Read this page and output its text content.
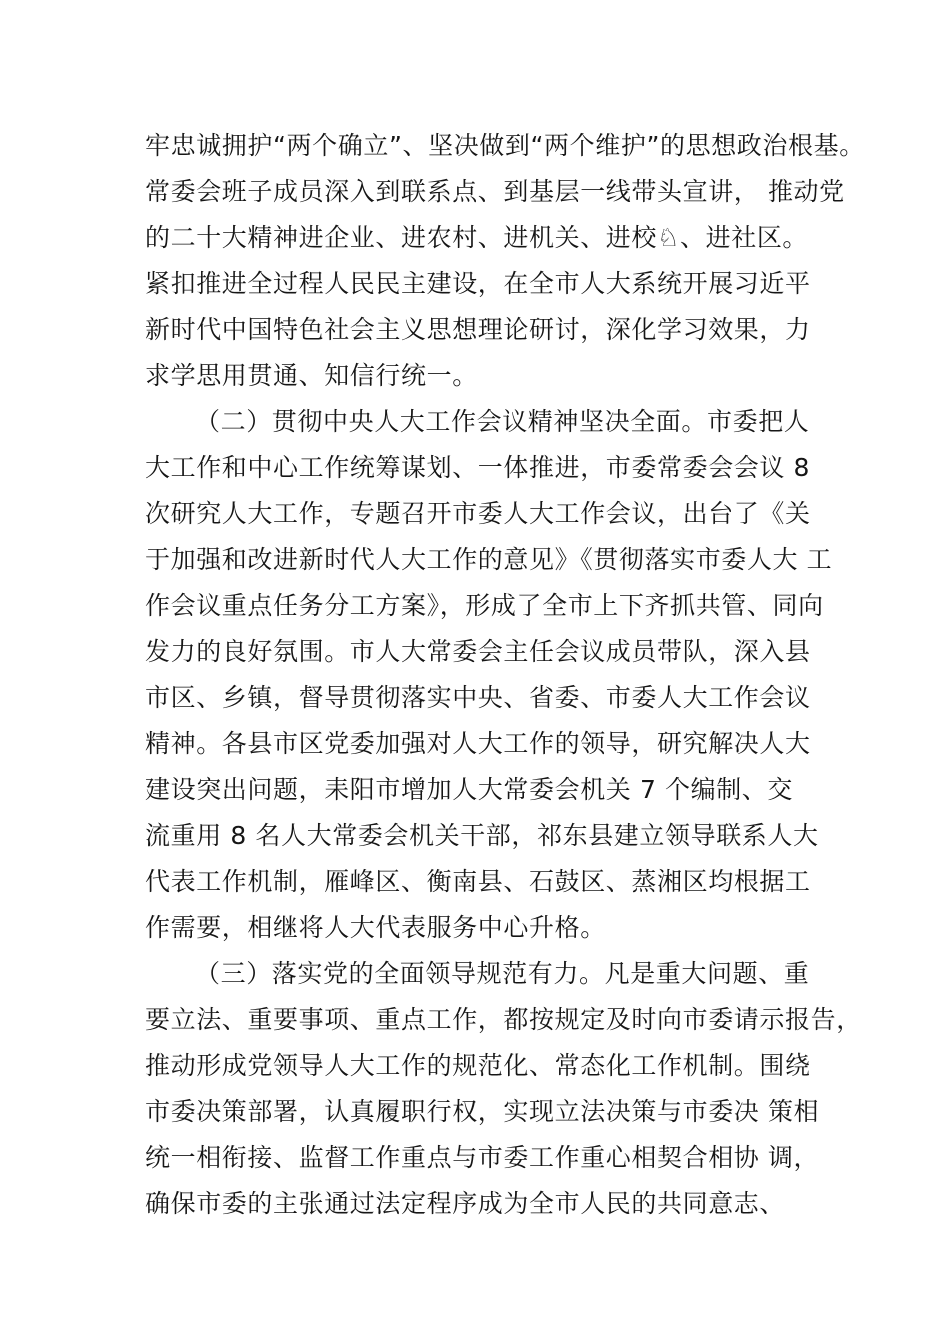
牢忠诚拥护“两个确立”、坚决做到“两个维护”的思想政治根基。
常委会班子成员深入到联系点、到基层一线带头宣讲， 推动党
的二十大精神进企业、进农村、进机关、进校♘、进社区。
紧扣推进全过程人民民主建设，在全市人大系统开展习近平
新时代中国特色社会主义思想理论研讨，深化学习效果，力
求学思用贯通、知信行统一。
（二）贯彻中央人大工作会议精神坚决全面。市委把人
大工作和中心工作统筹谋划、一体推进，市委常委会会议 8
次研究人大工作，专题召开市委人大工作会议，出台了《关
于加强和改进新时代人大工作的意见》《贯彻落实市委人大 工
作会议重点任务分工方案》，形成了全市上下齐抓共管、同向
发力的良好氛围。市人大常委会主任会议成员带队，深入县
市区、乡镇，督导贯彻落实中央、省委、市委人大工作会议
精神。各县市区党委加强对人大工作的领导，研究解决人大
建设突出问题，耒阳市增加人大常委会机关 7 个编制、交
流重用 8 名人大常委会机关干部，祁东县建立领导联系人大
代表工作机制，雁峰区、衡南县、石鼓区、蒸湘区均根据工
作需要，相继将人大代表服务中心升格。
（三）落实党的全面领导规范有力。凡是重大问题、重
要立法、重要事项、重点工作，都按规定及时向市委请示报告，
推动形成党领导人大工作的规范化、常态化工作机制。围绕
市委决策部署，认真履职行权，实现立法决策与市委决 策相
统一相衔接、监督工作重点与市委工作重心相契合相协 调，
确保市委的主张通过法定程序成为全市人民的共同意志、
